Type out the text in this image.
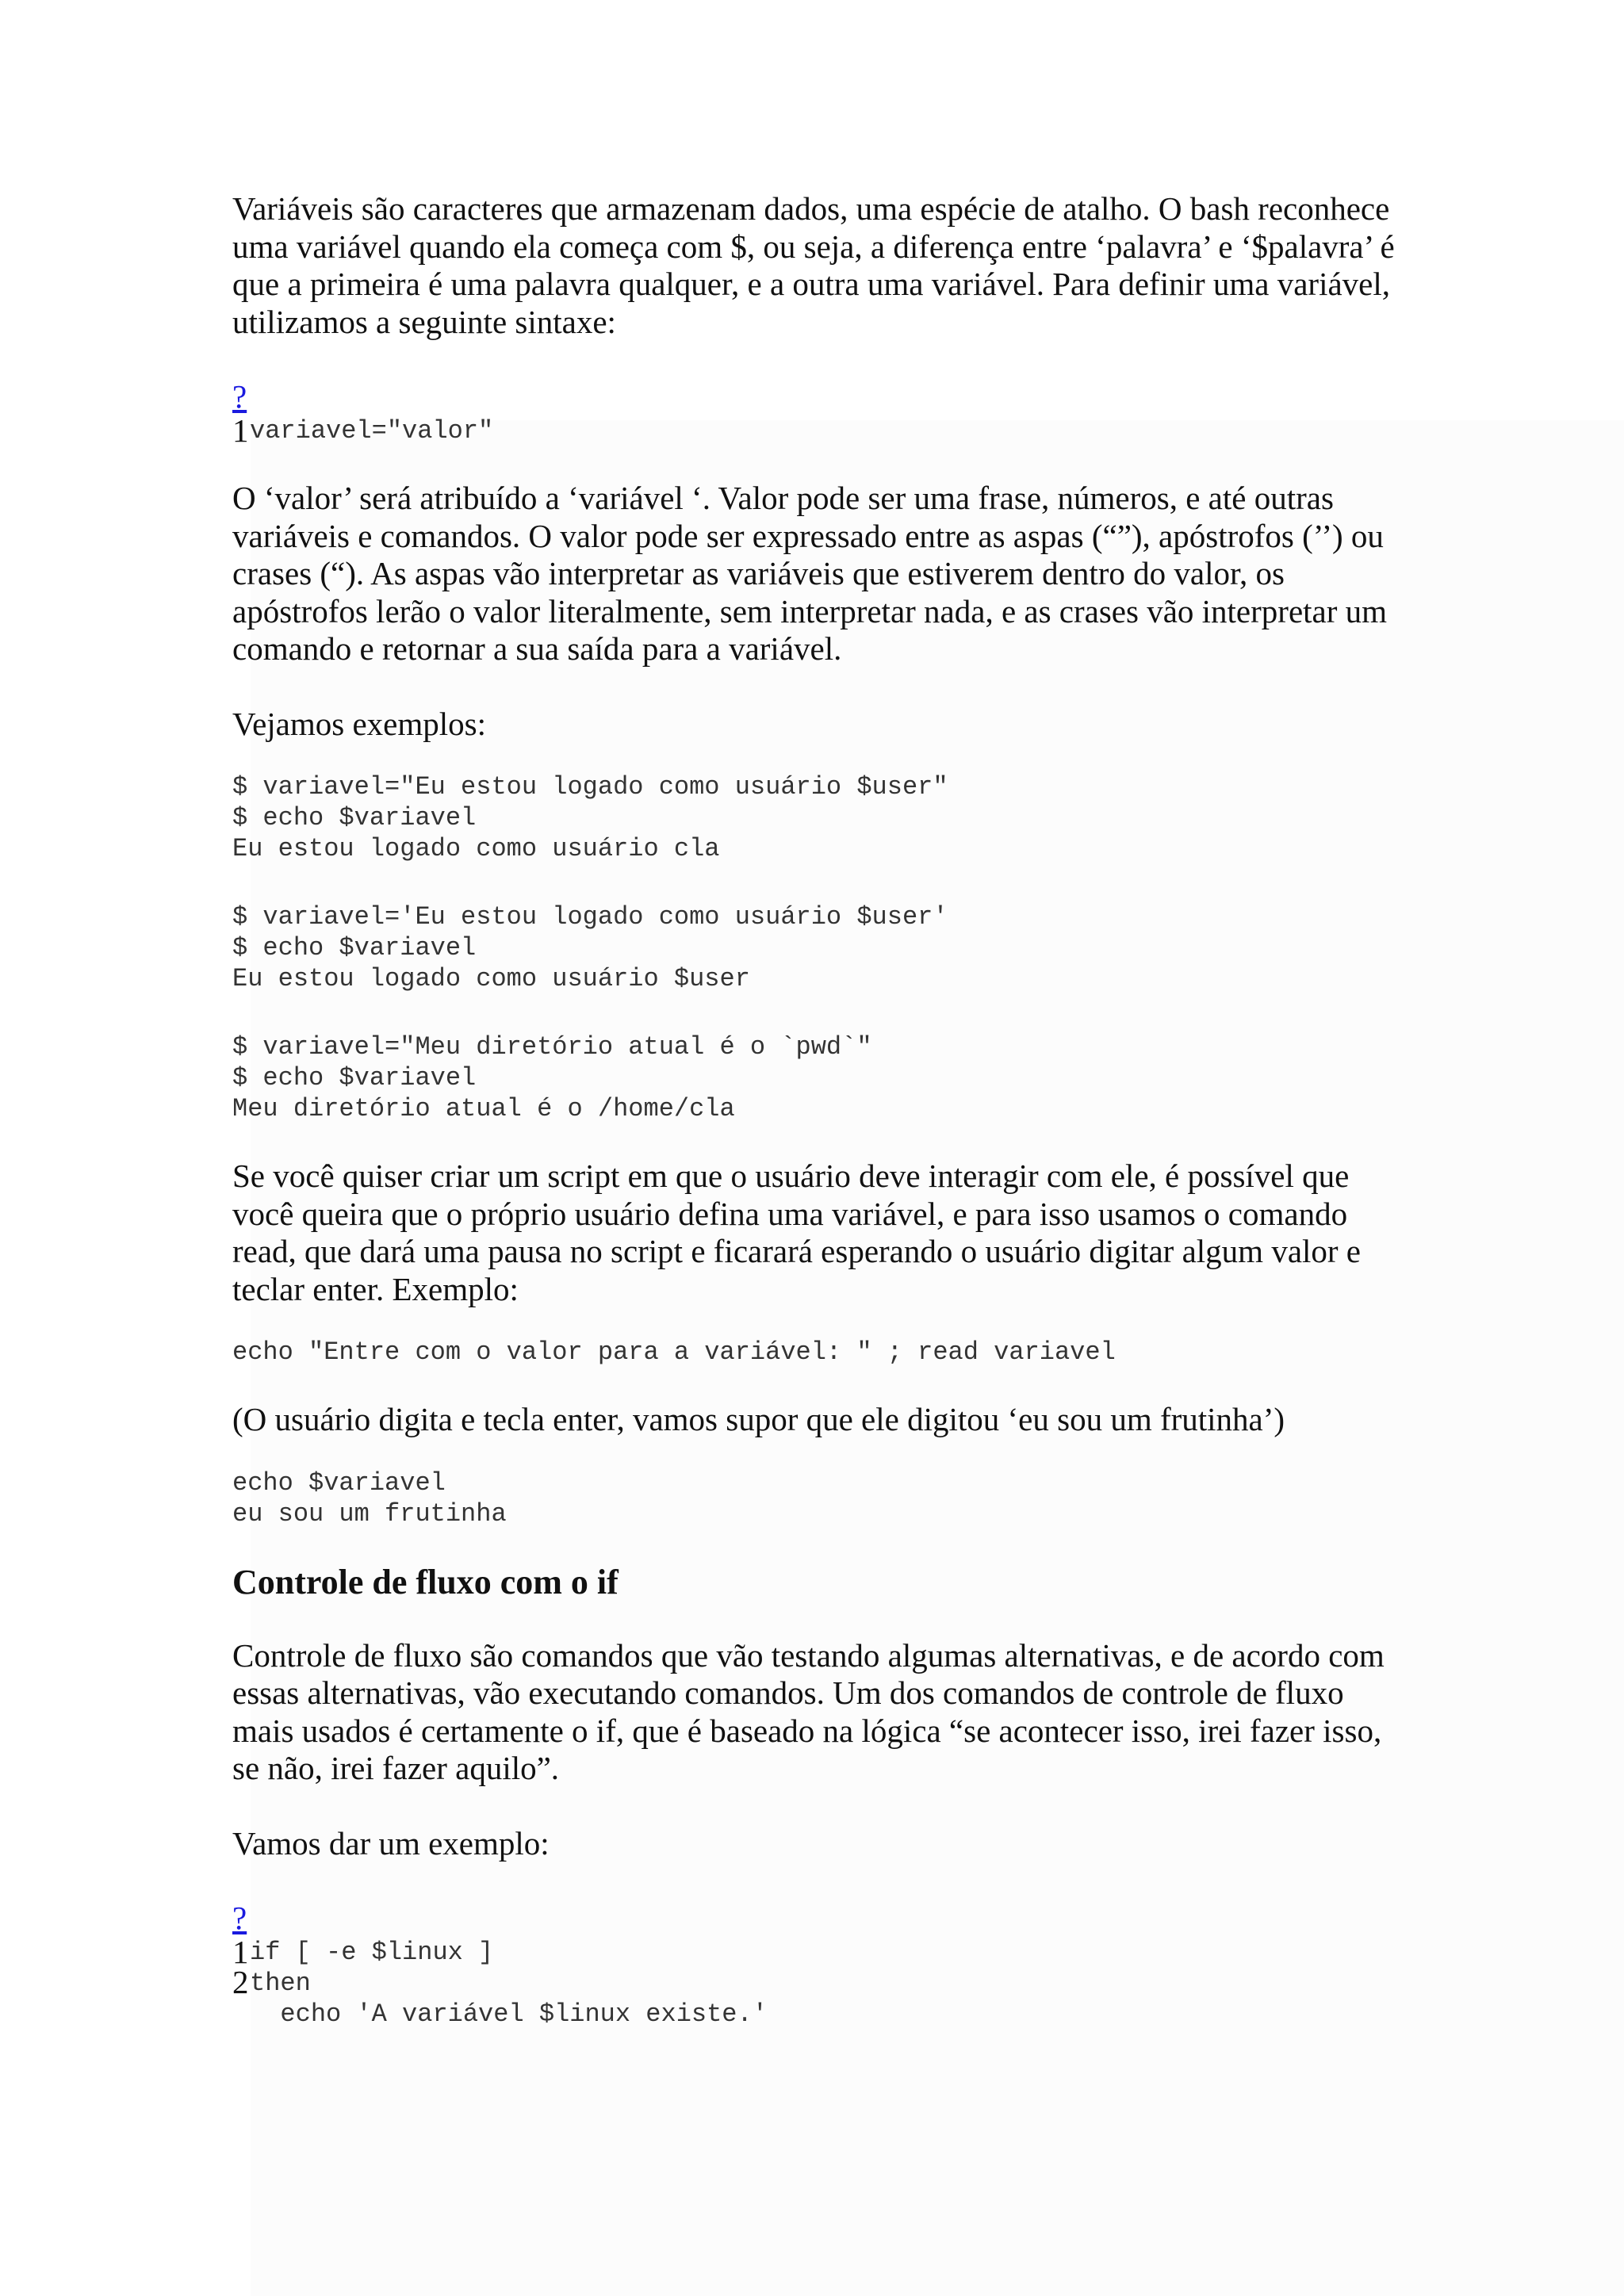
Variáveis são caracteres que armazenam dados, uma espécie de atalho. O bash reconhece uma variável quando ela começa com $, ou seja, a diferença entre ‘palavra’ e ‘$palavra’ é que a primeira é uma palavra qualquer, e a outra uma variável. Para definir uma variável, utilizamos a seguinte sintaxe:

?
1 variavel="valor"

O ‘valor’ será atribuído a ‘variável ‘. Valor pode ser uma frase, números, e até outras variáveis e comandos. O valor pode ser expressado entre as aspas (“”), apóstrofos (’’) ou crases (“). As aspas vão interpretar as variáveis que estiverem dentro do valor, os apóstrofos lerão o valor literalmente, sem interpretar nada, e as crases vão interpretar um comando e retornar a sua saída para a variável.

Vejamos exemplos:

$ variavel="Eu estou logado como usuário $user"
$ echo $variavel
Eu estou logado como usuário cla
$ variavel='Eu estou logado como usuário $user'
$ echo $variavel
Eu estou logado como usuário $user
$ variavel="Meu diretório atual é o `pwd`"
$ echo $variavel
Meu diretório atual é o /home/cla

Se você quiser criar um script em que o usuário deve interagir com ele, é possível que você queira que o próprio usuário defina uma variável, e para isso usamos o comando read, que dará uma pausa no script e ficarará esperando o usuário digitar algum valor e teclar enter. Exemplo:

echo "Entre com o valor para a variável: " ; read variavel

(O usuário digita e tecla enter, vamos supor que ele digitou ‘eu sou um frutinha’)

echo $variavel
eu sou um frutinha
Controle de fluxo com o if

Controle de fluxo são comandos que vão testando algumas alternativas, e de acordo com essas alternativas, vão executando comandos. Um dos comandos de controle de fluxo mais usados é certamente o if, que é baseado na lógica “se acontecer isso, irei fazer isso, se não, irei fazer aquilo”.

Vamos dar um exemplo:

?
1
2
if [ -e $linux ]
then
echo 'A variável $linux existe.'
